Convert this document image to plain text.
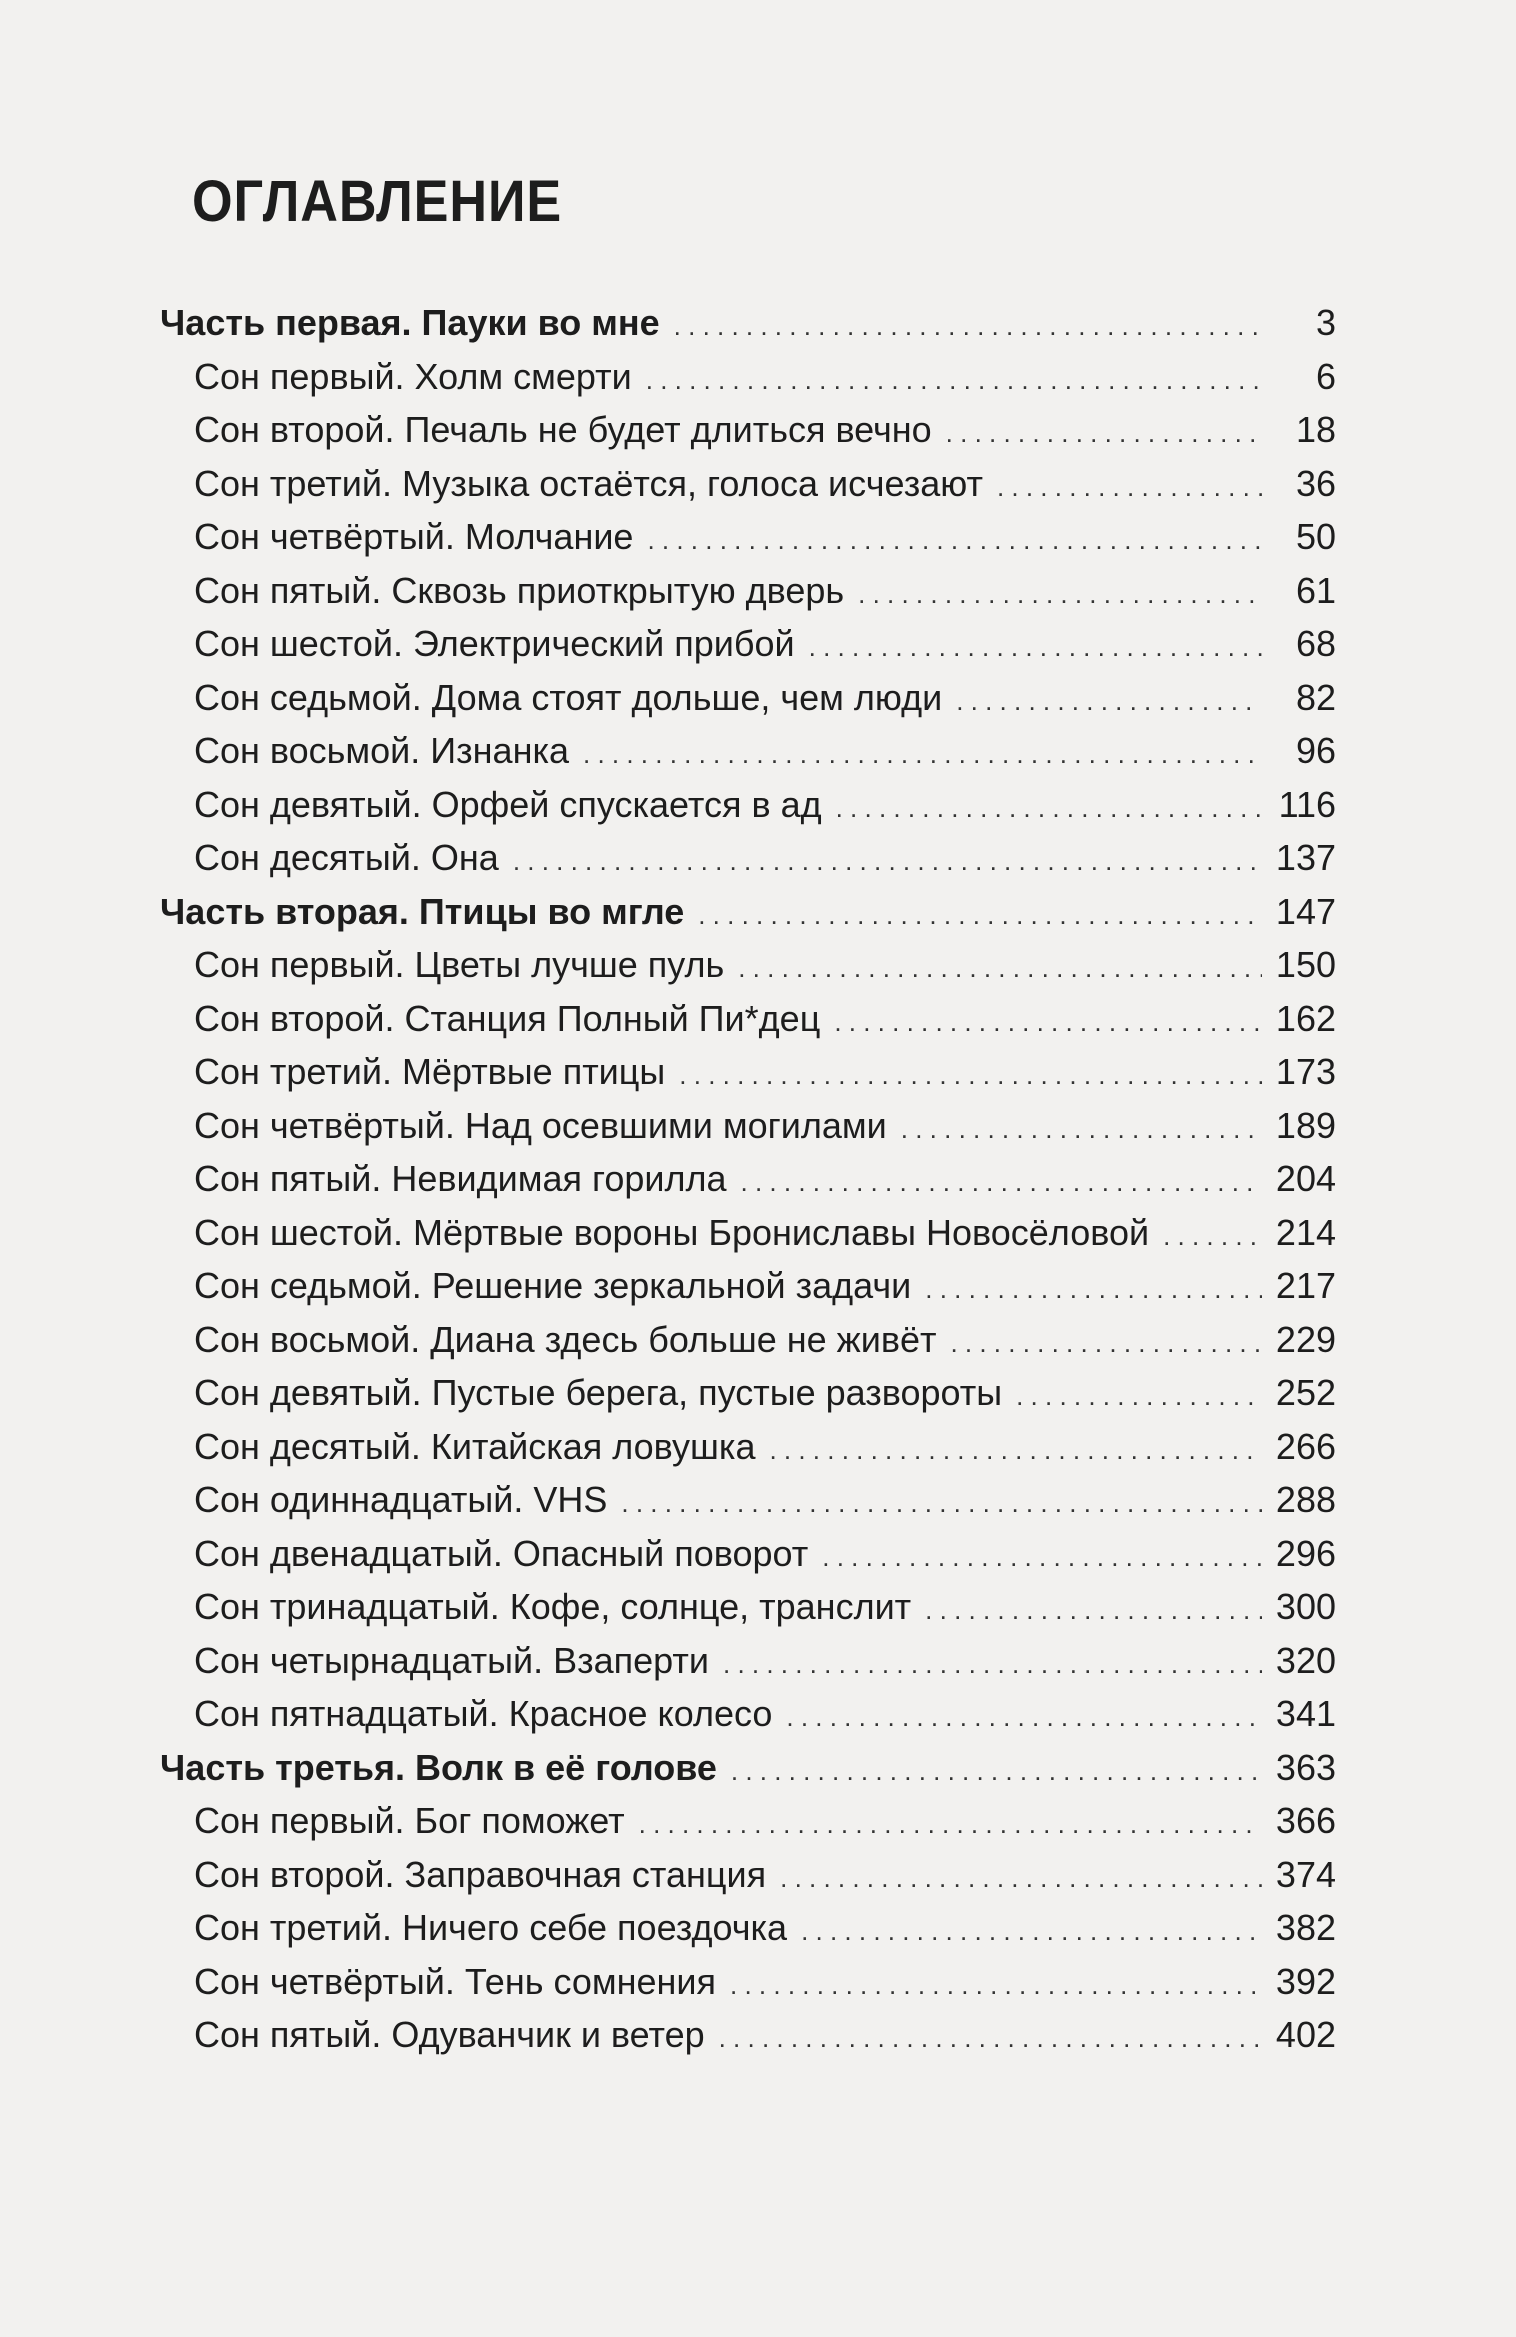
ОГЛАВЛЕНИЕ
Часть первая. Пауки во мне . . .	3
Сон первый. Холм смерти . . .	6
Сон второй. Печаль не будет длиться вечно . . .	18
Сон третий. Музыка остаётся, голоса исчезают . . .	36
Сон четвёртый. Молчание . . .	50
Сон пятый. Сквозь приоткрытую дверь . . .	61
Сон шестой. Электрический прибой . . .	68
Сон седьмой. Дома стоят дольше, чем люди . . .	82
Сон восьмой. Изнанка . . .	96
Сон девятый. Орфей спускается в ад . . .	116
Сон десятый. Она . . .	137
Часть вторая. Птицы во мгле . . .	147
Сон первый. Цветы лучше пуль . . .	150
Сон второй. Станция Полный Пи*дец . . .	162
Сон третий. Мёртвые птицы . . .	173
Сон четвёртый. Над осевшими могилами . . .	189
Сон пятый. Невидимая горилла . . .	204
Сон шестой. Мёртвые вороны Брониславы Новосёловой . . .	214
Сон седьмой. Решение зеркальной задачи . . .	217
Сон восьмой. Диана здесь больше не живёт . . .	229
Сон девятый. Пустые берега, пустые развороты . . .	252
Сон десятый. Китайская ловушка . . .	266
Сон одиннадцатый. VHS . . .	288
Сон двенадцатый. Опасный поворот . . .	296
Сон тринадцатый. Кофе, солнце, транслит . . .	300
Сон четырнадцатый. Взаперти . . .	320
Сон пятнадцатый. Красное колесо . . .	341
Часть третья. Волк в её голове . . .	363
Сон первый. Бог поможет . . .	366
Сон второй. Заправочная станция . . .	374
Сон третий. Ничего себе поездочка . . .	382
Сон четвёртый. Тень сомнения . . .	392
Сон пятый. Одуванчик и ветер . . .	402
